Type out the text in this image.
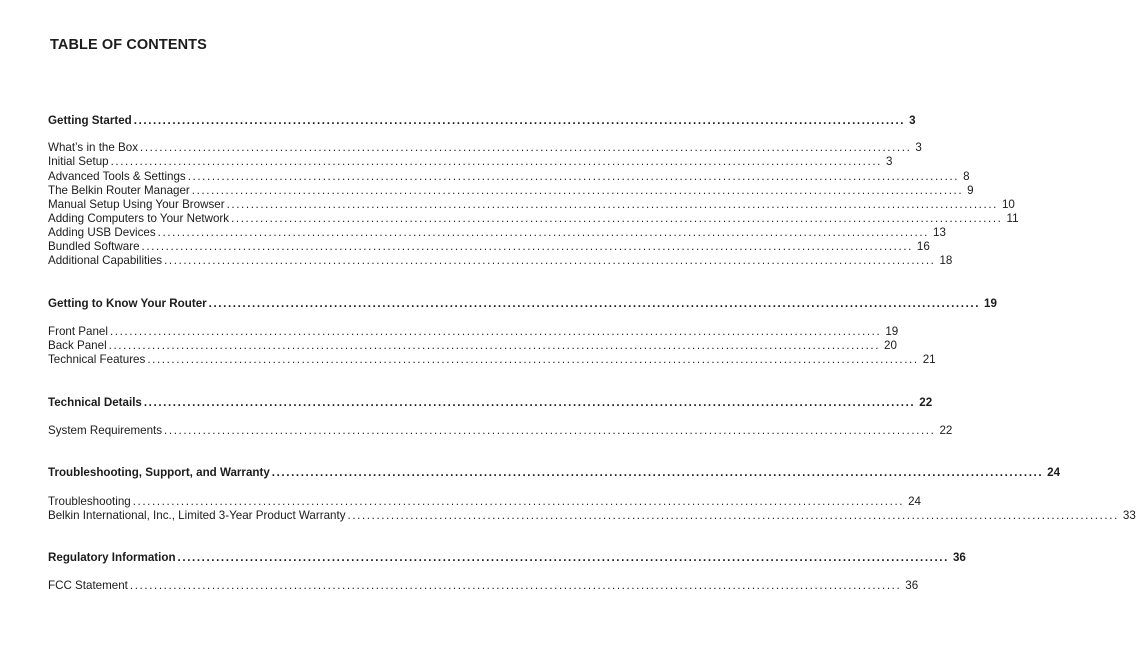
TABLE OF CONTENTS
Getting Started ................................................................................................................................................................ 3
What’s in the Box ................................................................................................................................................................ 3
Initial Setup ................................................................................................................................................................ 3
Advanced Tools & Settings ................................................................................................................................................................ 8
The Belkin Router Manager ................................................................................................................................................................ 9
Manual Setup Using Your Browser ................................................................................................................................................................ 10
Adding Computers to Your Network ................................................................................................................................................................ 11
Adding USB Devices ................................................................................................................................................................ 13
Bundled Software ................................................................................................................................................................ 16
Additional Capabilities ................................................................................................................................................................ 18
Getting to Know Your Router ................................................................................................................................................................ 19
Front Panel ................................................................................................................................................................ 19
Back Panel ................................................................................................................................................................ 20
Technical Features ................................................................................................................................................................ 21
Technical Details ................................................................................................................................................................ 22
System Requirements ................................................................................................................................................................ 22
Troubleshooting, Support, and Warranty ................................................................................................................................................................ 24
Troubleshooting ................................................................................................................................................................ 24
Belkin International, Inc., Limited 3-Year Product Warranty ................................................................................................................................................................ 33
Regulatory Information ................................................................................................................................................................ 36
FCC Statement ................................................................................................................................................................ 36
